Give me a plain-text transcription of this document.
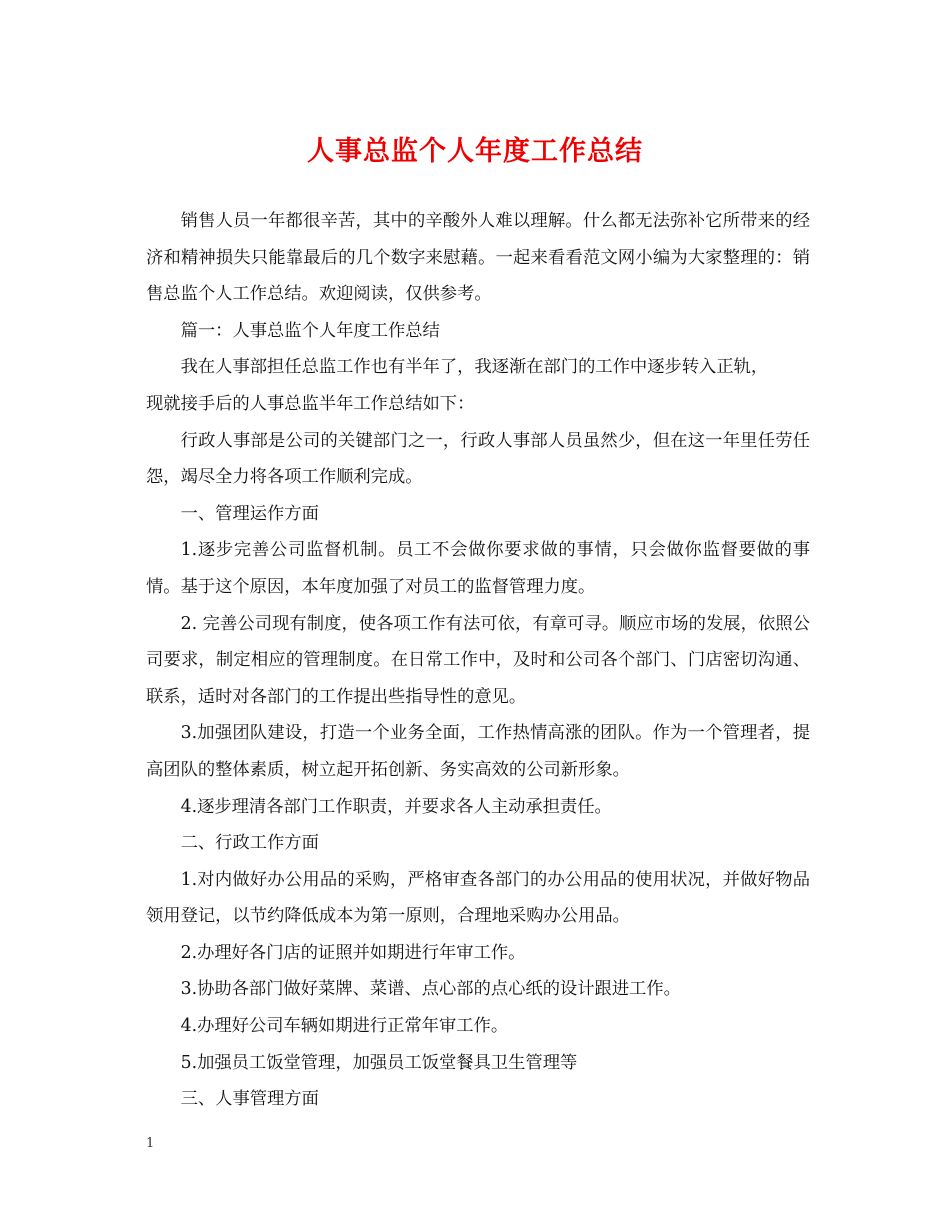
人事总监个人年度工作总结

销售人员一年都很辛苦，其中的辛酸外人难以理解。什么都无法弥补它所带来的经济和精神损失只能靠最后的几个数字来慰藉。一起来看看范文网小编为大家整理的：销售总监个人工作总结。欢迎阅读，仅供参考。

篇一：人事总监个人年度工作总结

我在人事部担任总监工作也有半年了，我逐渐在部门的工作中逐步转入正轨，

现就接手后的人事总监半年工作总结如下：

行政人事部是公司的关键部门之一，行政人事部人员虽然少，但在这一年里任劳任怨，竭尽全力将各项工作顺利完成。

一、管理运作方面

1.逐步完善公司监督机制。员工不会做你要求做的事情，只会做你监督要做的事情。基于这个原因，本年度加强了对员工的监督管理力度。

2. 完善公司现有制度，使各项工作有法可依，有章可寻。顺应市场的发展，依照公司要求，制定相应的管理制度。在日常工作中，及时和公司各个部门、门店密切沟通、联系，适时对各部门的工作提出些指导性的意见。

3.加强团队建设，打造一个业务全面，工作热情高涨的团队。作为一个管理者，提高团队的整体素质，树立起开拓创新、务实高效的公司新形象。

4.逐步理清各部门工作职责，并要求各人主动承担责任。

二、行政工作方面

1.对内做好办公用品的采购，严格审查各部门的办公用品的使用状况，并做好物品领用登记，以节约降低成本为第一原则，合理地采购办公用品。

2.办理好各门店的证照并如期进行年审工作。

3.协助各部门做好菜牌、菜谱、点心部的点心纸的设计跟进工作。

4.办理好公司车辆如期进行正常年审工作。

5.加强员工饭堂管理，加强员工饭堂餐具卫生管理等

三、人事管理方面

1
